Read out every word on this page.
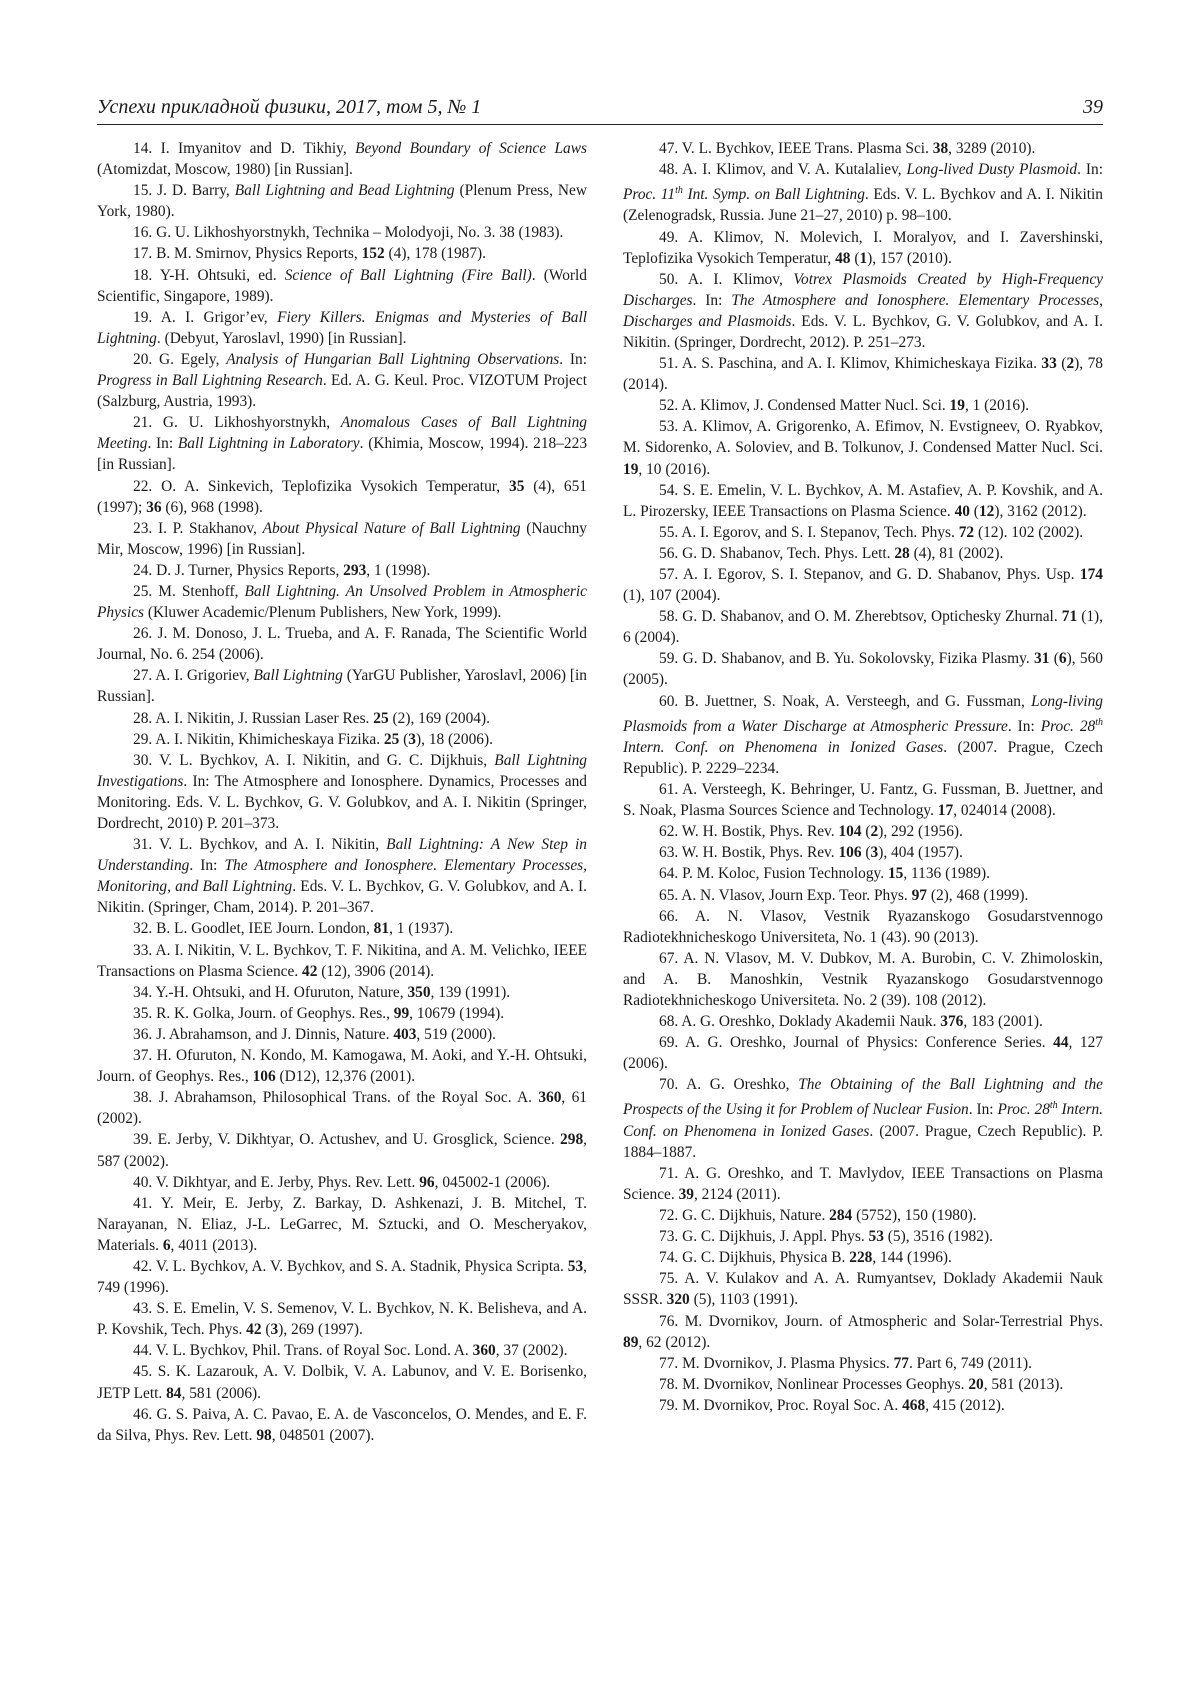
Успехи прикладной физики, 2017, том 5, № 1	39

14. I. Imyanitov and D. Tikhiy, Beyond Boundary of Science Laws (Atomizdat, Moscow, 1980) [in Russian].

15. J. D. Barry, Ball Lightning and Bead Lightning (Plenum Press, New York, 1980).

16. G. U. Likhoshyorstnykh, Technika – Molodyoji, No. 3. 38 (1983).

17. B. M. Smirnov, Physics Reports, 152 (4), 178 (1987).

18. Y-H. Ohtsuki, ed. Science of Ball Lightning (Fire Ball). (World Scientific, Singapore, 1989).

19. A. I. Grigor’ev, Fiery Killers. Enigmas and Mysteries of Ball Lightning. (Debyut, Yaroslavl, 1990) [in Russian].

20. G. Egely, Analysis of Hungarian Ball Lightning Observations. In: Progress in Ball Lightning Research. Ed. A. G. Keul. Proc. VIZOTUM Project (Salzburg, Austria, 1993).

21. G. U. Likhoshyorstnykh, Anomalous Cases of Ball Lightning Meeting. In: Ball Lightning in Laboratory. (Khimia, Moscow, 1994). 218–223 [in Russian].

22. O. A. Sinkevich, Teplofizika Vysokich Temperatur, 35 (4), 651 (1997); 36 (6), 968 (1998).

23. I. P. Stakhanov, About Physical Nature of Ball Lightning (Nauchny Mir, Moscow, 1996) [in Russian].

24. D. J. Turner, Physics Reports, 293, 1 (1998).

25. M. Stenhoff, Ball Lightning. An Unsolved Problem in Atmospheric Physics (Kluwer Academic/Plenum Publishers, New York, 1999).

26. J. M. Donoso, J. L. Trueba, and A. F. Ranada, The Scientific World Journal, No. 6. 254 (2006).

27. A. I. Grigoriev, Ball Lightning (YarGU Publisher, Yaroslavl, 2006) [in Russian].

28. A. I. Nikitin, J. Russian Laser Res. 25 (2), 169 (2004).

29. A. I. Nikitin, Khimicheskaya Fizika. 25 (3), 18 (2006).

30. V. L. Bychkov, A. I. Nikitin, and G. C. Dijkhuis, Ball Lightning Investigations. In: The Atmosphere and Ionosphere. Dynamics, Processes and Monitoring. Eds. V. L. Bychkov, G. V. Golubkov, and A. I. Nikitin (Springer, Dordrecht, 2010) P. 201–373.

31. V. L. Bychkov, and A. I. Nikitin, Ball Lightning: A New Step in Understanding. In: The Atmosphere and Ionosphere. Elementary Processes, Monitoring, and Ball Lightning. Eds. V. L. Bychkov, G. V. Golubkov, and A. I. Nikitin. (Springer, Cham, 2014). P. 201–367.

32. B. L. Goodlet, IEE Journ. London, 81, 1 (1937).

33. A. I. Nikitin, V. L. Bychkov, T. F. Nikitina, and A. M. Velichko, IEEE Transactions on Plasma Science. 42 (12), 3906 (2014).

34. Y.-H. Ohtsuki, and H. Ofuruton, Nature, 350, 139 (1991).

35. R. K. Golka, Journ. of Geophys. Res., 99, 10679 (1994).

36. J. Abrahamson, and J. Dinnis, Nature. 403, 519 (2000).

37. H. Ofuruton, N. Kondo, M. Kamogawa, M. Aoki, and Y.-H. Ohtsuki, Journ. of Geophys. Res., 106 (D12), 12,376 (2001).

38. J. Abrahamson, Philosophical Trans. of the Royal Soc. A. 360, 61 (2002).

39. E. Jerby, V. Dikhtyar, O. Actushev, and U. Grosglick, Science. 298, 587 (2002).

40. V. Dikhtyar, and E. Jerby, Phys. Rev. Lett. 96, 045002-1 (2006).

41. Y. Meir, E. Jerby, Z. Barkay, D. Ashkenazi, J. B. Mitchel, T. Narayanan, N. Eliaz, J-L. LeGarrec, M. Sztucki, and O. Mescheryakov, Materials. 6, 4011 (2013).

42. V. L. Bychkov, A. V. Bychkov, and S. A. Stadnik, Physica Scripta. 53, 749 (1996).

43. S. E. Emelin, V. S. Semenov, V. L. Bychkov, N. K. Belisheva, and A. P. Kovshik, Tech. Phys. 42 (3), 269 (1997).

44. V. L. Bychkov, Phil. Trans. of Royal Soc. Lond. A. 360, 37 (2002).

45. S. K. Lazarouk, A. V. Dolbik, V. A. Labunov, and V. E. Borisenko, JETP Lett. 84, 581 (2006).

46. G. S. Paiva, A. C. Pavao, E. A. de Vasconcelos, O. Mendes, and E. F. da Silva, Phys. Rev. Lett. 98, 048501 (2007).

47. V. L. Bychkov, IEEE Trans. Plasma Sci. 38, 3289 (2010).

48. A. I. Klimov, and V. A. Kutalaliev, Long-lived Dusty Plasmoid. In: Proc. 11th Int. Symp. on Ball Lightning. Eds. V. L. Bychkov and A. I. Nikitin (Zelenogradsk, Russia. June 21–27, 2010) p. 98–100.

49. A. Klimov, N. Molevich, I. Moralyov, and I. Zavershinski, Teplofizika Vysokich Temperatur, 48 (1), 157 (2010).

50. A. I. Klimov, Votrex Plasmoids Created by High-Frequency Discharges. In: The Atmosphere and Ionosphere. Elementary Processes, Discharges and Plasmoids. Eds. V. L. Bychkov, G. V. Golubkov, and A. I. Nikitin. (Springer, Dordrecht, 2012). P. 251–273.

51. A. S. Paschina, and A. I. Klimov, Khimicheskaya Fizika. 33 (2), 78 (2014).

52. A. Klimov, J. Condensed Matter Nucl. Sci. 19, 1 (2016).

53. A. Klimov, A. Grigorenko, A. Efimov, N. Evstigneev, O. Ryabkov, M. Sidorenko, A. Soloviev, and B. Tolkunov, J. Condensed Matter Nucl. Sci. 19, 10 (2016).

54. S. E. Emelin, V. L. Bychkov, A. M. Astafiev, A. P. Kovshik, and A. L. Pirozersky, IEEE Transactions on Plasma Science. 40 (12), 3162 (2012).

55. A. I. Egorov, and S. I. Stepanov, Tech. Phys. 72 (12). 102 (2002).

56. G. D. Shabanov, Tech. Phys. Lett. 28 (4), 81 (2002).

57. A. I. Egorov, S. I. Stepanov, and G. D. Shabanov, Phys. Usp. 174 (1), 107 (2004).

58. G. D. Shabanov, and O. M. Zherebtsov, Optichesky Zhurnal. 71 (1), 6 (2004).

59. G. D. Shabanov, and B. Yu. Sokolovsky, Fizika Plasmy. 31 (6), 560 (2005).

60. B. Juettner, S. Noak, A. Versteegh, and G. Fussman, Long-living Plasmoids from a Water Discharge at Atmospheric Pressure. In: Proc. 28th Intern. Conf. on Phenomena in Ionized Gases. (2007. Prague, Czech Republic). P. 2229–2234.

61. A. Versteegh, K. Behringer, U. Fantz, G. Fussman, B. Juettner, and S. Noak, Plasma Sources Science and Technology. 17, 024014 (2008).

62. W. H. Bostik, Phys. Rev. 104 (2), 292 (1956).

63. W. H. Bostik, Phys. Rev. 106 (3), 404 (1957).

64. P. M. Koloc, Fusion Technology. 15, 1136 (1989).

65. A. N. Vlasov, Journ Exp. Teor. Phys. 97 (2), 468 (1999).

66. A. N. Vlasov, Vestnik Ryazanskogo Gosudarstvennogo Radiotekhnicheskogo Universiteta, No. 1 (43). 90 (2013).

67. A. N. Vlasov, M. V. Dubkov, M. A. Burobin, C. V. Zhimoloskin, and A. B. Manoshkin, Vestnik Ryazanskogo Gosudarstvennogo Radiotekhnicheskogo Universiteta. No. 2 (39). 108 (2012).

68. A. G. Oreshko, Doklady Akademii Nauk. 376, 183 (2001).

69. A. G. Oreshko, Journal of Physics: Conference Series. 44, 127 (2006).

70. A. G. Oreshko, The Obtaining of the Ball Lightning and the Prospects of the Using it for Problem of Nuclear Fusion. In: Proc. 28th Intern. Conf. on Phenomena in Ionized Gases. (2007. Prague, Czech Republic). P. 1884–1887.

71. A. G. Oreshko, and T. Mavlydov, IEEE Transactions on Plasma Science. 39, 2124 (2011).

72. G. C. Dijkhuis, Nature. 284 (5752), 150 (1980).

73. G. C. Dijkhuis, J. Appl. Phys. 53 (5), 3516 (1982).

74. G. C. Dijkhuis, Physica B. 228, 144 (1996).

75. A. V. Kulakov and A. A. Rumyantsev, Doklady Akademii Nauk SSSR. 320 (5), 1103 (1991).

76. M. Dvornikov, Journ. of Atmospheric and Solar-Terrestrial Phys. 89, 62 (2012).

77. M. Dvornikov, J. Plasma Physics. 77. Part 6, 749 (2011).

78. M. Dvornikov, Nonlinear Processes Geophys. 20, 581 (2013).

79. M. Dvornikov, Proc. Royal Soc. A. 468, 415 (2012).
